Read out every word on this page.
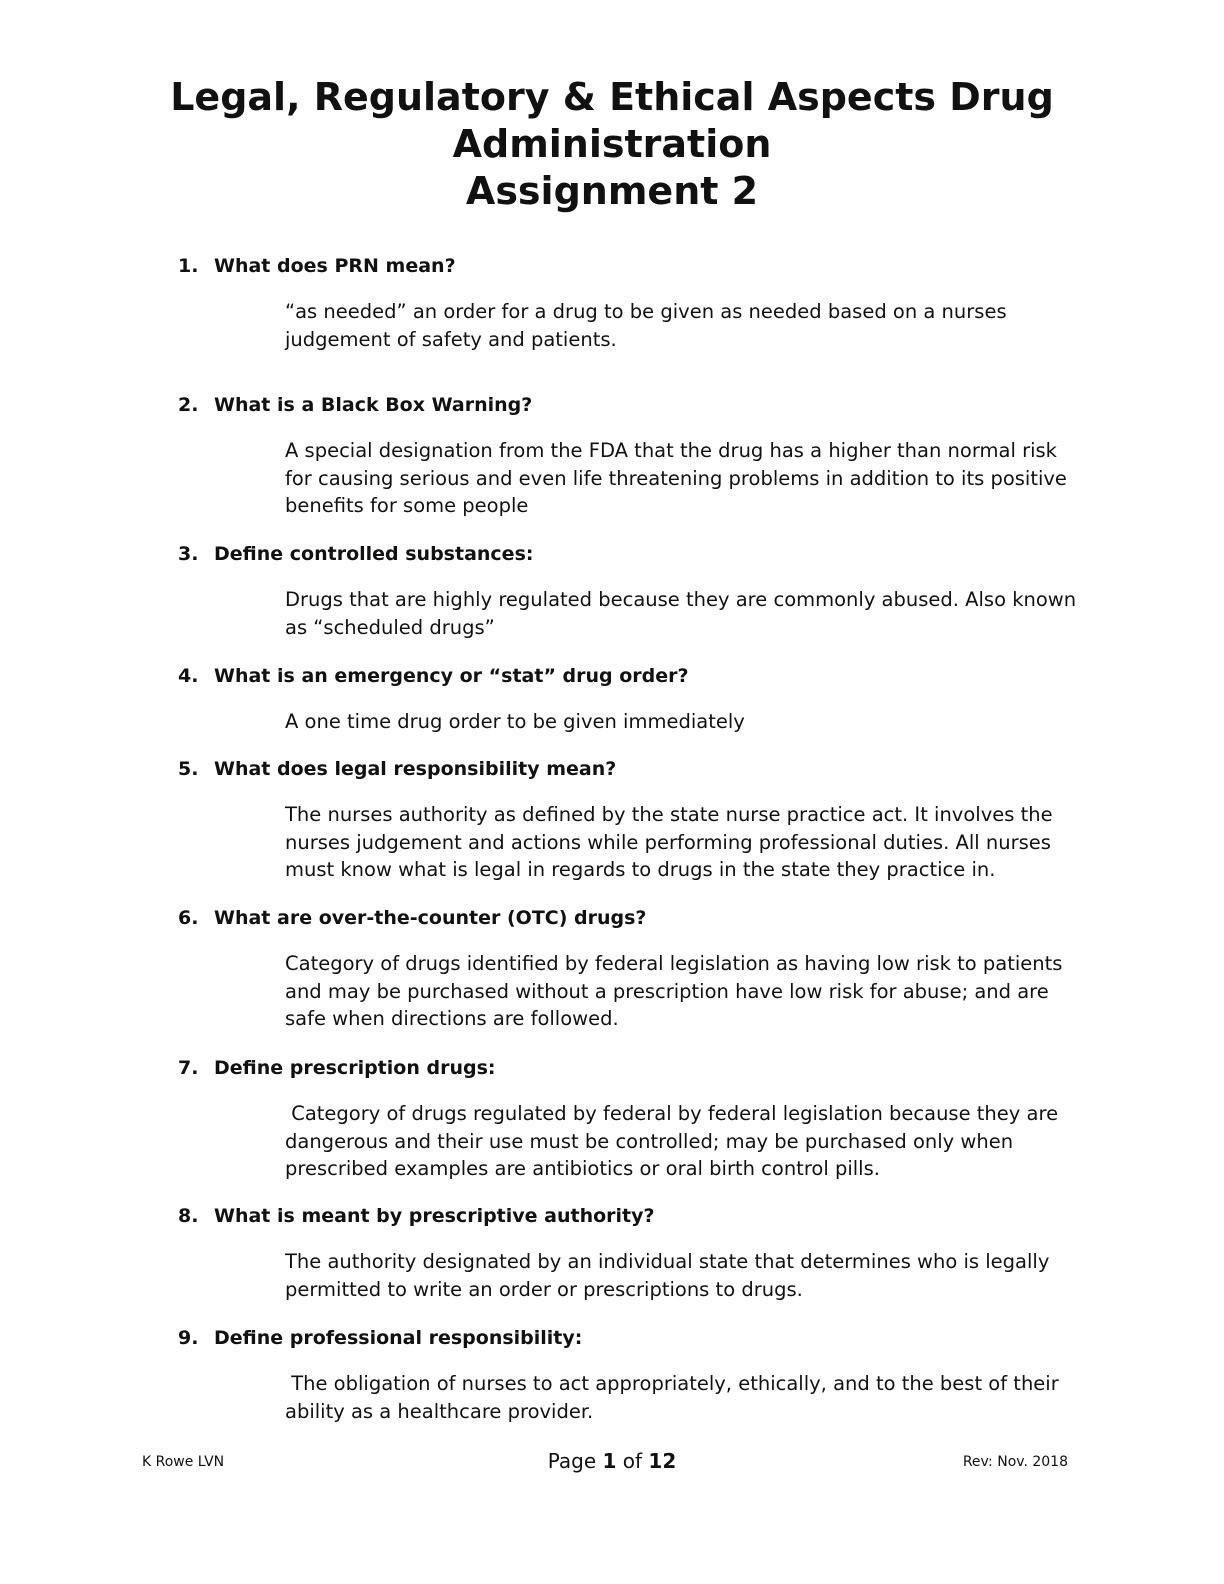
Legal, Regulatory & Ethical Aspects Drug
Administration
Assignment 2
1. What does PRN mean?
“as needed” an order for a drug to be given as needed based on a nurses judgement of safety and patients.
2. What is a Black Box Warning?
A special designation from the FDA that the drug has a higher than normal risk for causing serious and even life threatening problems in addition to its positive benefits for some people
3. Define controlled substances:
Drugs that are highly regulated because they are commonly abused. Also known as “scheduled drugs”
4. What is an emergency or “stat” drug order?
A one time drug order to be given immediately
5. What does legal responsibility mean?
The nurses authority as defined by the state nurse practice act. It involves the nurses judgement and actions while performing professional duties. All nurses must know what is legal in regards to drugs in the state they practice in.
6. What are over-the-counter (OTC) drugs?
Category of drugs identified by federal legislation as having low risk to patients and may be purchased without a prescription have low risk for abuse; and are safe when directions are followed.
7. Define prescription drugs:
Category of drugs regulated by federal by federal legislation because they are dangerous and their use must be controlled; may be purchased only when prescribed examples are antibiotics or oral birth control pills.
8. What is meant by prescriptive authority?
The authority designated by an individual state that determines who is legally permitted to write an order or prescriptions to drugs.
9. Define professional responsibility:
The obligation of nurses to act appropriately, ethically, and to the best of their ability as a healthcare provider.
K Rowe LVN	Page 1 of 12	Rev: Nov. 2018
